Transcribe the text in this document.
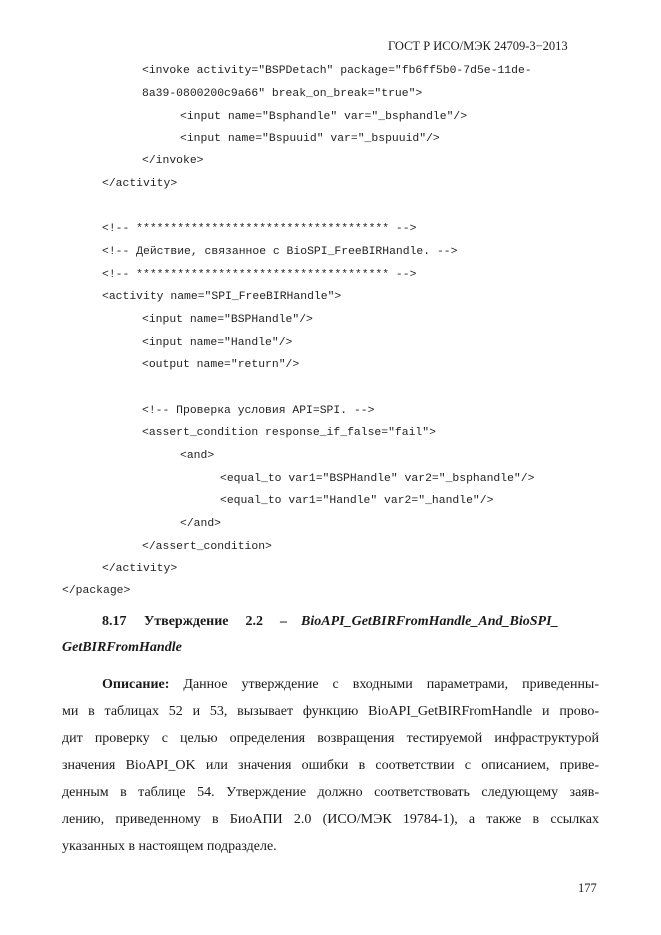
ГОСТ Р ИСО/МЭК 24709-3−2013
<invoke activity="BSPDetach" package="fb6ff5b0-7d5e-11de-
8a39-0800200c9a66" break_on_break="true">
<input name="Bsphandle" var="_bsphandle"/>
<input name="Bspuuid" var="_bspuuid"/>
</invoke>
</activity>
<!-- ************************************* -->
<!-- Действие, связанное с BioSPI_FreeBIRHandle. -->
<!-- ************************************* -->
<activity name="SPI_FreeBIRHandle">
<input name="BSPHandle"/>
<input name="Handle"/>
<output name="return"/>
<!-- Проверка условия API=SPI. -->
<assert_condition response_if_false="fail">
<and>
<equal_to var1="BSPHandle" var2="_bsphandle"/>
<equal_to var1="Handle" var2="_handle"/>
</and>
</assert_condition>
</activity>
</package>
8.17 Утверждение 2.2 – BioAPI_GetBIRFromHandle_And_BioSPI_
GetBIRFromHandle
Описание: Данное утверждение с входными параметрами, приведенны-
ми в таблицах 52 и 53, вызывает функцию BioAPI_GetBIRFromHandle и прово-
дит проверку с целью определения возвращения тестируемой инфраструктурой
значения BioAPI_OK или значения ошибки в соответствии с описанием, приве-
денным в таблице 54. Утверждение должно соответствовать следующему заяв-
лению, приведенному в БиоАПИ 2.0 (ИСО/МЭК 19784-1), а также в ссылках
указанных в настоящем подразделе.
177
